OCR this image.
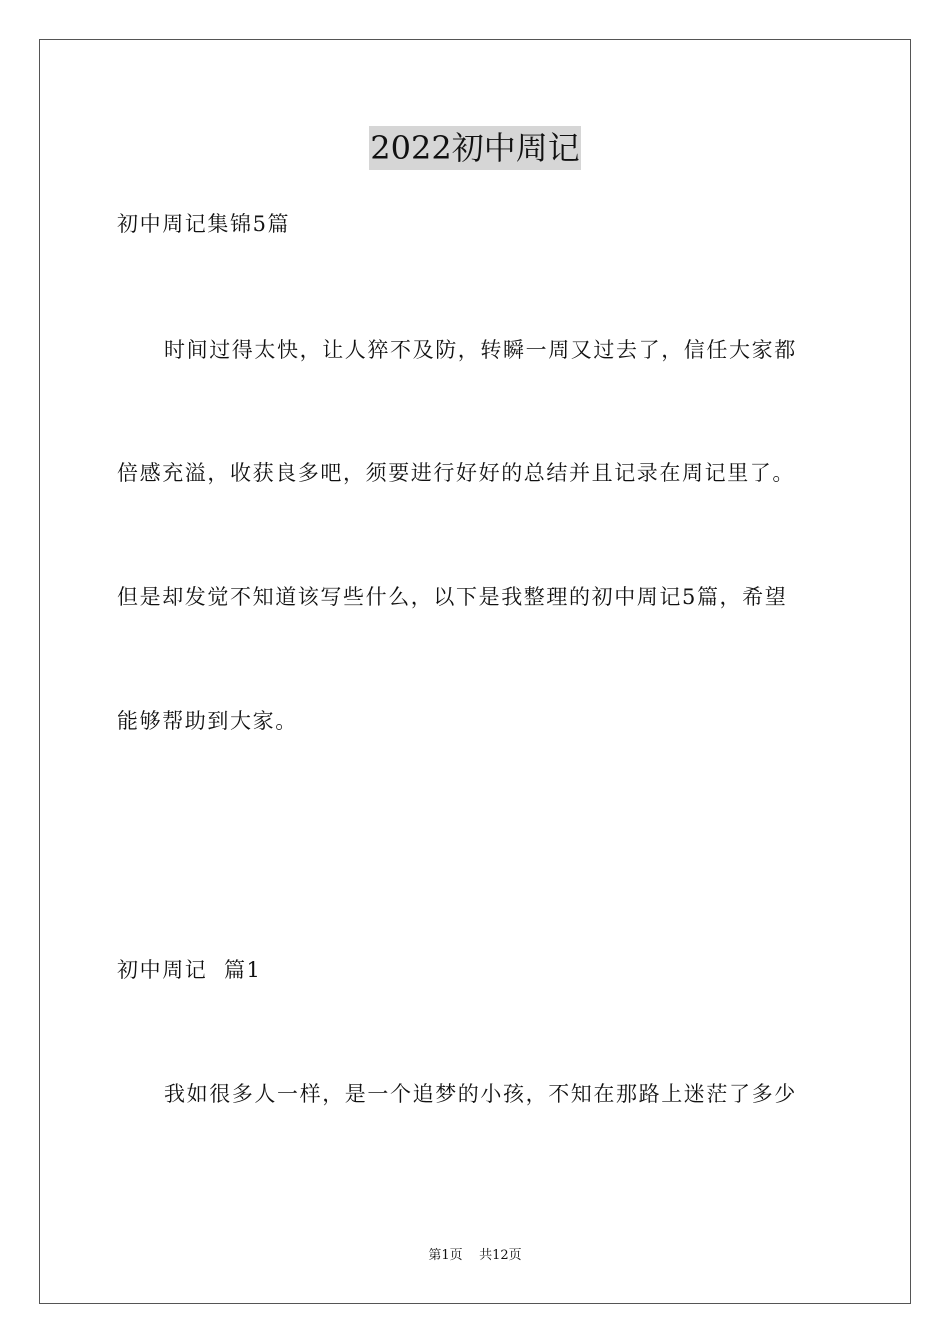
2022初中周记

初中周记集锦5篇

时间过得太快，让人猝不及防，转瞬一周又过去了，信任大家都

倍感充溢，收获良多吧，须要进行好好的总结并且记录在周记里了。

但是却发觉不知道该写些什么，以下是我整理的初中周记5篇，希望

能够帮助到大家。

初中周记  篇1

我如很多人一样，是一个追梦的小孩，不知在那路上迷茫了多少

第1页    共12页
